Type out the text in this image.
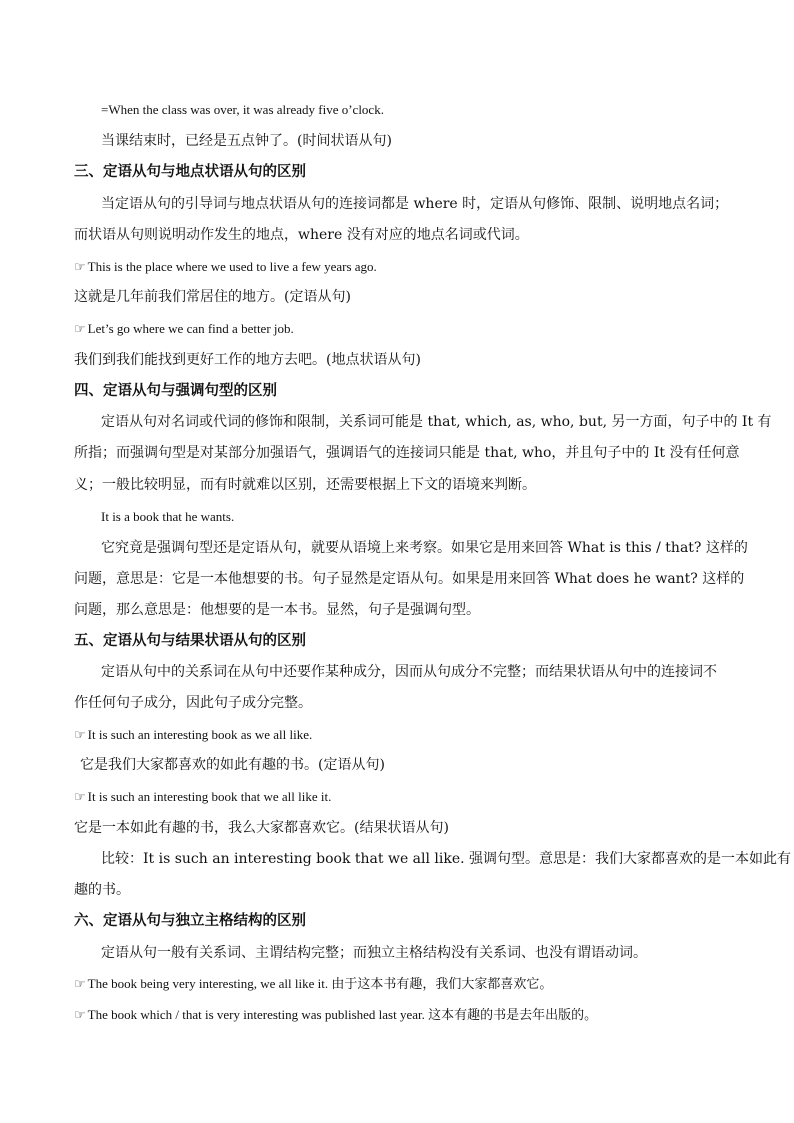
=When the class was over, it was already five o’clock.
当课结束时，已经是五点钟了。(时间状语从句)
三、定语从句与地点状语从句的区别
当定语从句的引导词与地点状语从句的连接词都是 where 时，定语从句修饰、限制、说明地点名词；
而状语从句则说明动作发生的地点，where 没有对应的地点名词或代词。
☞ This is the place where we used to live a few years ago.
这就是几年前我们常居住的地方。(定语从句)
☞ Let’s go where we can find a better job.
我们到我们能找到更好工作的地方去吧。(地点状语从句)
四、定语从句与强调句型的区别
定语从句对名词或代词的修饰和限制，关系词可能是 that, which, as, who, but, 另一方面，句子中的 It 有
所指；而强调句型是对某部分加强语气，强调语气的连接词只能是 that, who，并且句子中的 It 没有任何意
义；一般比较明显，而有时就难以区别，还需要根据上下文的语境来判断。
It is a book that he wants.
它究竟是强调句型还是定语从句，就要从语境上来考察。如果它是用来回答 What is this / that? 这样的
问题，意思是：它是一本他想要的书。句子显然是定语从句。如果是用来回答 What does he want? 这样的
问题，那么意思是：他想要的是一本书。显然，句子是强调句型。
五、定语从句与结果状语从句的区别
定语从句中的关系词在从句中还要作某种成分，因而从句成分不完整；而结果状语从句中的连接词不
作任何句子成分，因此句子成分完整。
☞ It is such an interesting book as we all like.
它是我们大家都喜欢的如此有趣的书。(定语从句)
☞ It is such an interesting book that we all like it.
它是一本如此有趣的书，我么大家都喜欢它。(结果状语从句)
比较：It is such an interesting book that we all like. 强调句型。意思是：我们大家都喜欢的是一本如此有
趣的书。
六、定语从句与独立主格结构的区别
定语从句一般有关系词、主谓结构完整；而独立主格结构没有关系词、也没有谓语动词。
☞ The book being very interesting, we all like it. 由于这本书有趣，我们大家都喜欢它。
☞ The book which / that is very interesting was published last year. 这本有趣的书是去年出版的。
